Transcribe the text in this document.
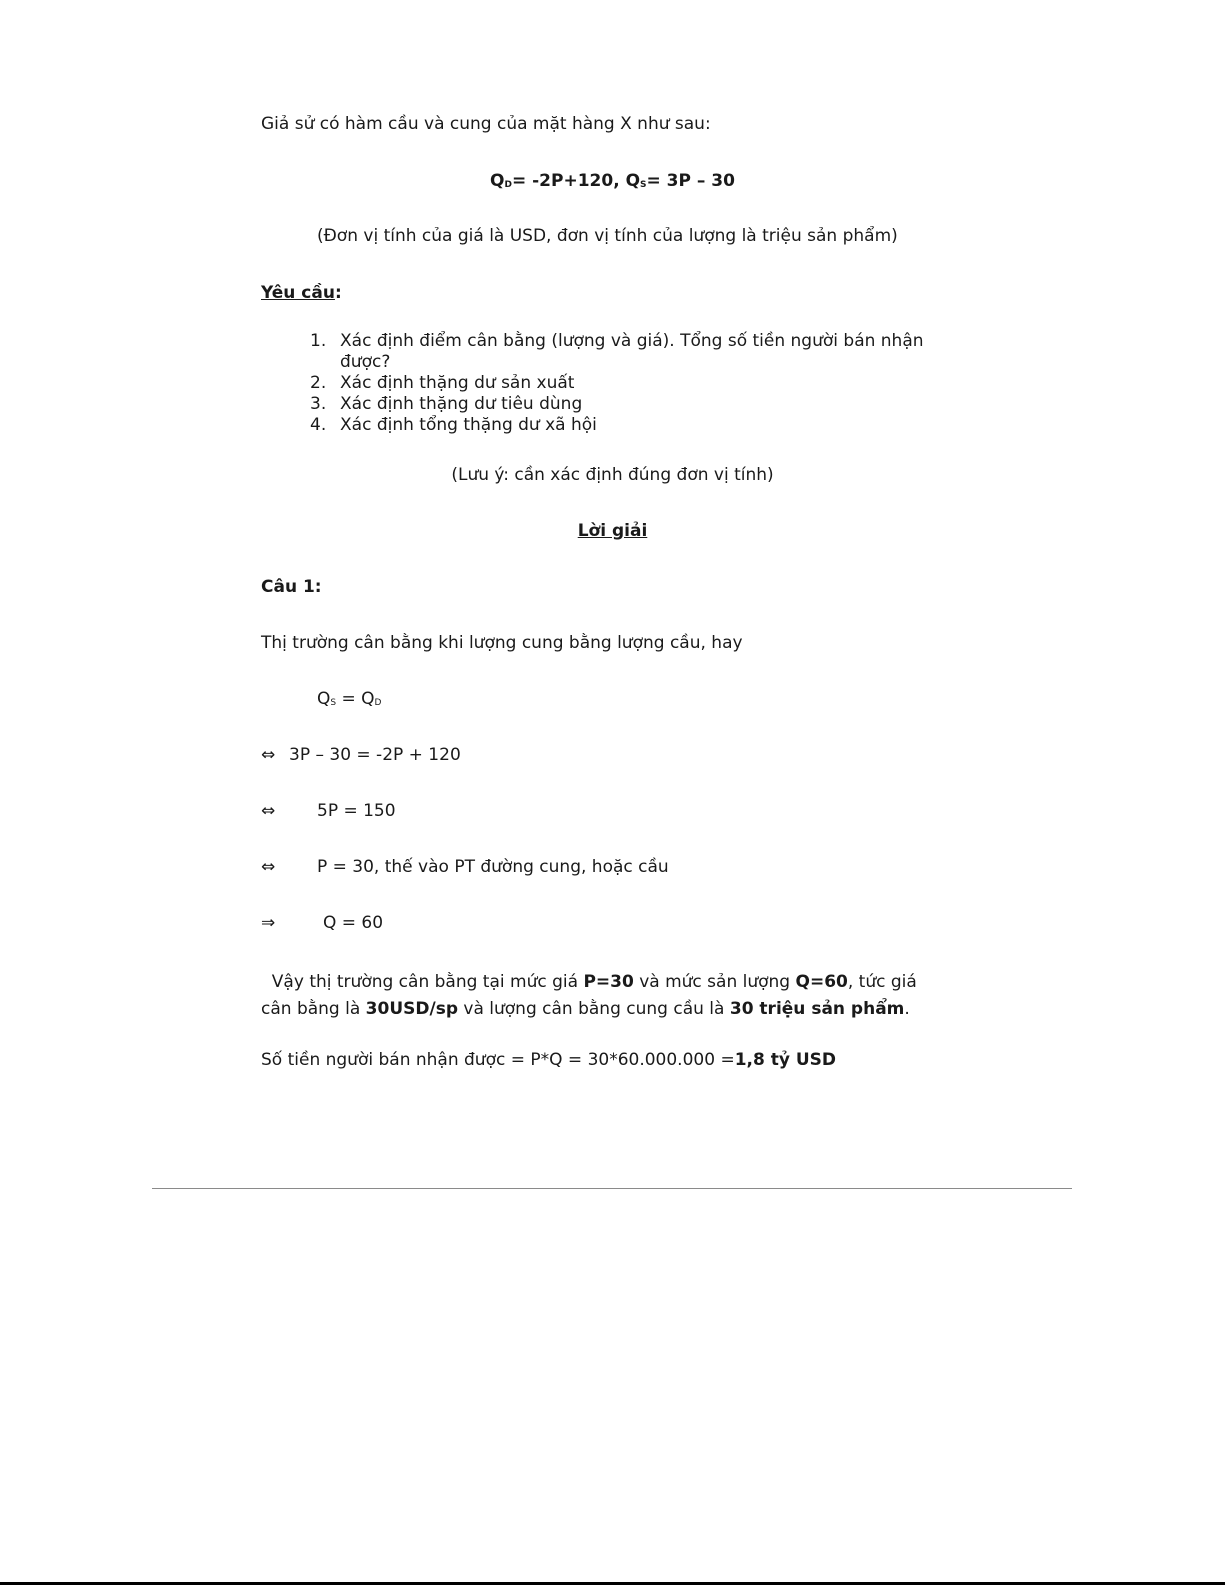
Giả sử có hàm cầu và cung của mặt hàng X như sau:
$Q_D= -2P+120$, $Q_S= 3P - 30$
(Đơn vị tính của giá là USD, đơn vị tính của lượng là triệu sản phẩm)
Yêu cầu:
1. Xác định điểm cân bằng (lượng và giá). Tổng số tiền người bán nhận
được?
2. Xác định thặng dư sản xuất
3. Xác định thặng dư tiêu dùng
4. Xác định tổng thặng dư xã hội
(Lưu ý: cần xác định đúng đơn vị tính)
Lời giải
Câu 1:
Thị trường cân bằng khi lượng cung bằng lượng cầu, hay
$Q_S = Q_D$
⇔ 3P – 30 = -2P + 120
⇔ 5P = 150
⇔ P = 30, thế vào PT đường cung, hoặc cầu
⇒	Q = 60
Vậy thị trường cân bằng tại mức giá P=30 và mức sản lượng Q=60, tức giá
cân bằng là 30USD/sp và lượng cân bằng cung cầu là 30 triệu sản phẩm.
Số tiền người bán nhận được = P*Q = 30*60.000.000 =1,8 tỷ USD
